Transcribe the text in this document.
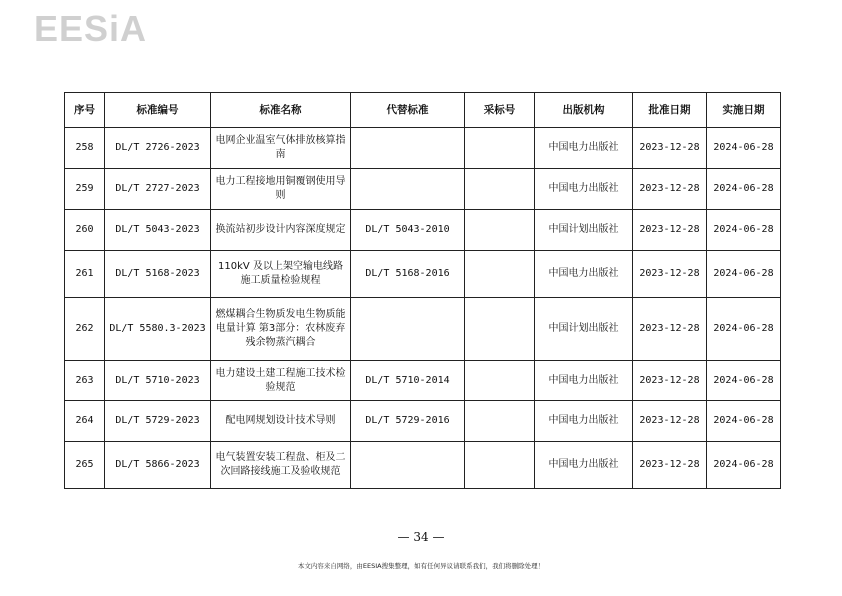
EESiA
序号	标准编号	标准名称	代替标准	采标号	出版机构	批准日期	实施日期
258	DL/T 2726-2023	电网企业温室气体排放核算指南			中国电力出版社	2023-12-28	2024-06-28
259	DL/T 2727-2023	电力工程接地用铜覆钢使用导则			中国电力出版社	2023-12-28	2024-06-28
260	DL/T 5043-2023	换流站初步设计内容深度规定	DL/T 5043-2010		中国计划出版社	2023-12-28	2024-06-28
261	DL/T 5168-2023	110kV 及以上架空输电线路施工质量检验规程	DL/T 5168-2016		中国电力出版社	2023-12-28	2024-06-28
262	DL/T 5580.3-2023	燃煤耦合生物质发电生物质能电量计算 第3部分：农林废弃残余物蒸汽耦合			中国计划出版社	2023-12-28	2024-06-28
263	DL/T 5710-2023	电力建设土建工程施工技术检验规范	DL/T 5710-2014		中国电力出版社	2023-12-28	2024-06-28
264	DL/T 5729-2023	配电网规划设计技术导则	DL/T 5729-2016		中国电力出版社	2023-12-28	2024-06-28
265	DL/T 5866-2023	电气装置安装工程盘、柜及二次回路接线施工及验收规范			中国电力出版社	2023-12-28	2024-06-28
— 34 —
本文内容来自网络，由EESIA搜集整理，如有任何异议请联系我们，我们将删除处理！
